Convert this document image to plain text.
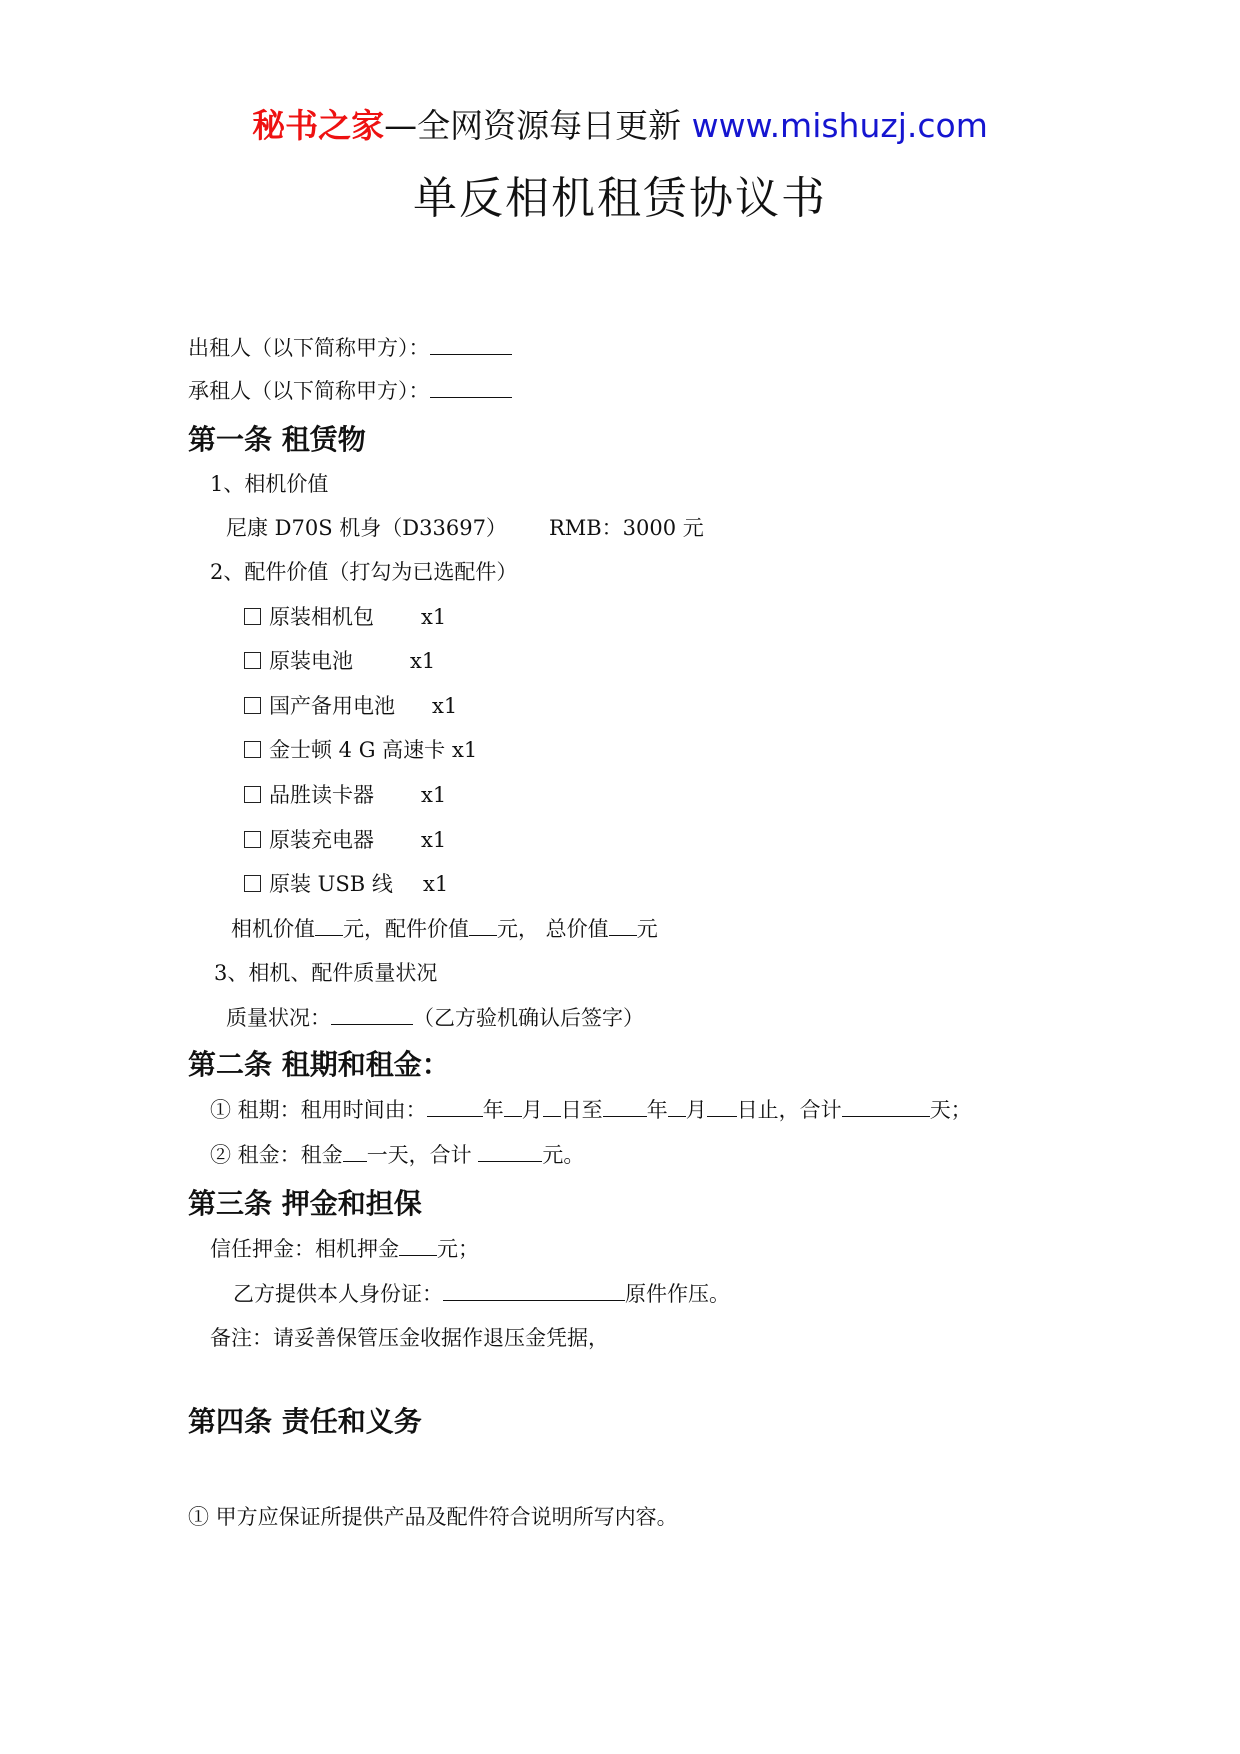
秘书之家—全网资源每日更新 www.mishuzj.com
单反相机租赁协议书
出租人（以下简称甲方）：
承租人（以下简称甲方）：
第一条 租赁物
1、相机价值
尼康 D70S 机身（D33697） RMB：3000 元
2、配件价值（打勾为已选配件）
原装相机包 x1
原装电池	x1
国产备用电池 x1
金士顿 4 G 高速卡 x1
品胜读卡器 x1
原装充电器 x1
原装 USB 线 x1
相机价值 元，配件价值 元， 总价值 元
3、相机、配件质量状况
质量状况：	（乙方验机确认后签字）
第二条 租期和租金：
① 租期：租用时间由：	年 月 日至 年 月 日止，合计	天；
② 租金：租金 一天，合计	元。
第三条 押金和担保
信任押金：相机押金 元；
乙方提供本人身份证：	原件作压。
备注：请妥善保管压金收据作退压金凭据，
第四条 责任和义务
① 甲方应保证所提供产品及配件符合说明所写内容。
